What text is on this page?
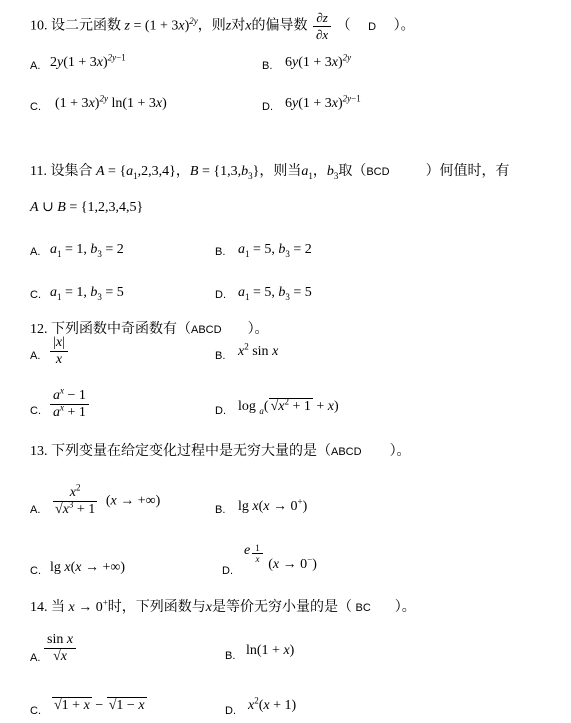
10. 设二元函数 $z = (1 + 3x)^{2y}$，则z对x的偏导数 $\frac{\partial z}{\partial x}$ （ D ）。
A. $2y(1 + 3x)^{2y-1}$
B. $6y(1 + 3x)^{2y}$
C. $(1 + 3x)^{2y}$ ln(1 + 3x)	D. $6y(1 + 3x)^{2y-1}$
11. 设集合 $A = \{a_1,2,3,4\}$，$B = \{1,3,b_3\}$，则当$a_1$，$b_3$取（BCD	）何值时，有
A ∪ B = {1,2,3,4,5}
A. $a_1 = 1$, $b_3 = 2$	B. $a_1 = 5$, $b_3 = 2$
C. $a_1 = 1$, $b_3 = 5$	D. $a_1 = 5$, $b_3 = 5$
12. 下列函数中奇函数有（ABCD ）。
A. $\frac{|x|}{x}$	B. $x^2$ sin x
C. $\frac{a^x - 1}{a^x + 1}$	D. log $_a$( $√x^2 + 1 + x$)
13. 下列变量在给定变化过程中是无穷大量的是（ABCD ）。
A. $\frac{x^2}{√x^3 + 1} (x$ → +∞)
B. lg x(x → 0+)
C. lg x(x → +∞)	D.
e $\frac{1}{x}$
(x → 0−)
14. 当 x → 0+时，下列函数与x是等价无穷小量的是（ BC ）。
A. $\frac{\text{sin x}}{√x}$	B. ln(1 + x)
C. √1 + x − √1 − x	D. $x^2(x + 1)$
